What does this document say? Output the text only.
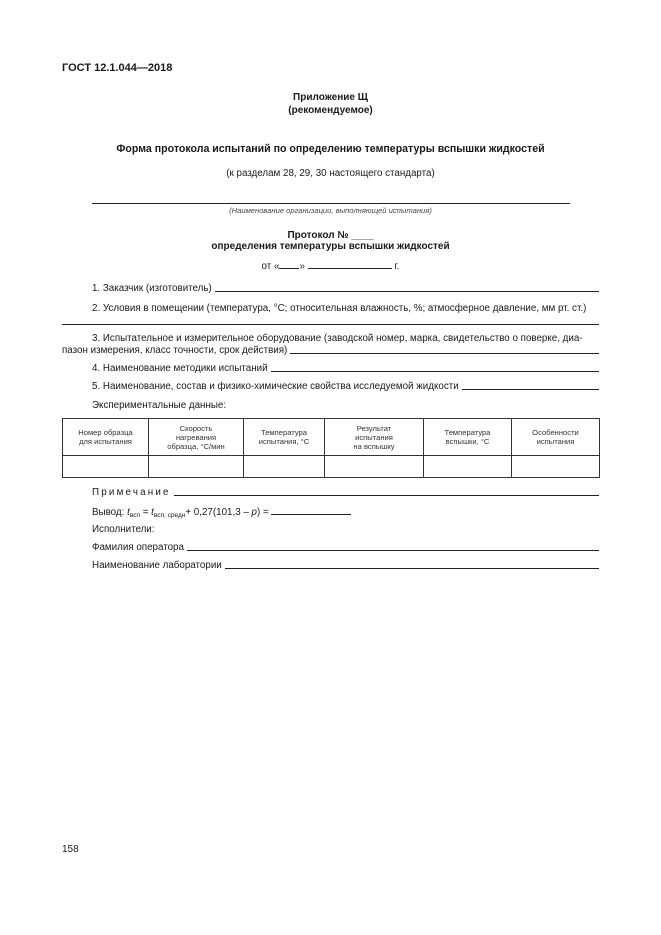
ГОСТ 12.1.044—2018
Приложение Щ
(рекомендуемое)
Форма протокола испытаний по определению температуры вспышки жидкостей
(к разделам 28, 29, 30 настоящего стандарта)
(Наименование организации, выполняющей испытания)
Протокол № ____
определения температуры вспышки жидкостей
от « »	г.
1. Заказчик (изготовитель)
2. Условия в помещении (температура, °С; относительная влажность, %; атмосферное давление, мм рт. ст.)
3. Испытательное и измерительное оборудование (заводской номер, марка, свидетельство о поверке, диа-
пазон измерения, класс точности, срок действия)
4. Наименование методики испытаний
5. Наименование, состав и физико-химические свойства исследуемой жидкости
Экспериментальные данные:
Номер образца
для испытания	Скорость
нагревания
образца, °С/мин	Температура
испытания, °С	Результат
испытания
на вспышку	Температура
вспышки, °С	Особенности
испытания

Примечание
Вывод: $t_{всп} = t_{всп, средн}+ 0,27(101,3 - p)$ =
Исполнители:
Фамилия оператора
Наименование лаборатории
158
